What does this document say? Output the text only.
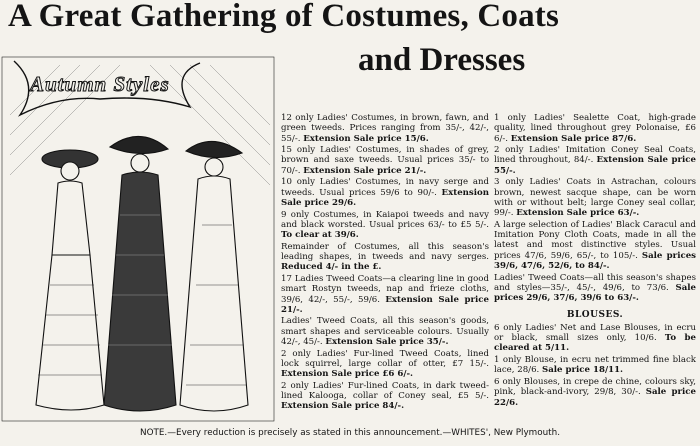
A Great Gathering of Costumes, Coats
and Dresses
Autumn Styles

12 only Ladies' Costumes, in brown, fawn, and green tweeds. Prices ranging from 35/-, 42/-, 55/-. Extension Sale price 15/6.

15 only Ladies' Costumes, in shades of grey, brown and saxe tweeds. Usual prices 35/- to 70/-. Extension Sale price 21/-.

10 only Ladies' Costumes, in navy serge and tweeds. Usual prices 59/6 to 90/-. Extension Sale price 29/6.

9 only Costumes, in Kaiapoi tweeds and navy and black worsted. Usual prices 63/- to £5 5/-. To clear at 39/6.

Remainder of Costumes, all this season's leading shapes, in tweeds and navy serges. Reduced 4/- in the £.

17 Ladies Tweed Coats—a clearing line in good smart Rostyn tweeds, nap and frieze cloths, 39/6, 42/-, 55/-, 59/6. Extension Sale price 21/-.

Ladies' Tweed Coats, all this season's goods, smart shapes and serviceable colours. Usually 42/-, 45/-. Extension Sale price 35/-.

2 only Ladies' Fur-lined Tweed Coats, lined lock squirrel, large collar of otter, £7 15/-. Extension Sale price £6 6/-.

2 only Ladies' Fur-lined Coats, in dark tweed-lined Kalooga, collar of Coney seal, £5 5/-. Extension Sale price 84/-.

1 only Ladies' Sealette Coat, high-grade quality, lined throughout grey Polonaise, £6 6/-. Extension Sale price 87/6.

2 only Ladies' Imitation Coney Seal Coats, lined throughout, 84/-. Extension Sale price 55/-.

3 only Ladies' Coats in Astrachan, colours brown, newest sacque shape, can be worn with or without belt; large Coney seal collar, 99/-. Extension Sale price 63/-.

A large selection of Ladies' Black Caracul and Imitation Pony Cloth Coats, made in all the latest and most distinctive styles. Usual prices 47/6, 59/6, 65/-, to 105/-. Sale prices 39/6, 47/6, 52/6, to 84/-.

Ladies' Tweed Coats—all this season's shapes and styles—35/-, 45/-, 49/6, to 73/6. Sale prices 29/6, 37/6, 39/6 to 63/-.

BLOUSES.

6 only Ladies' Net and Lase Blouses, in ecru or black, small sizes only, 10/6. To be cleared at 5/11.

1 only Blouse, in ecru net trimmed fine black lace, 28/6. Sale price 18/11.

6 only Blouses, in crepe de chine, colours sky, pink, black-and-ivory, 29/8, 30/-. Sale price 22/6.

NOTE.—Every reduction is precisely as stated in this announcement.—WHITES', New Plymouth.
